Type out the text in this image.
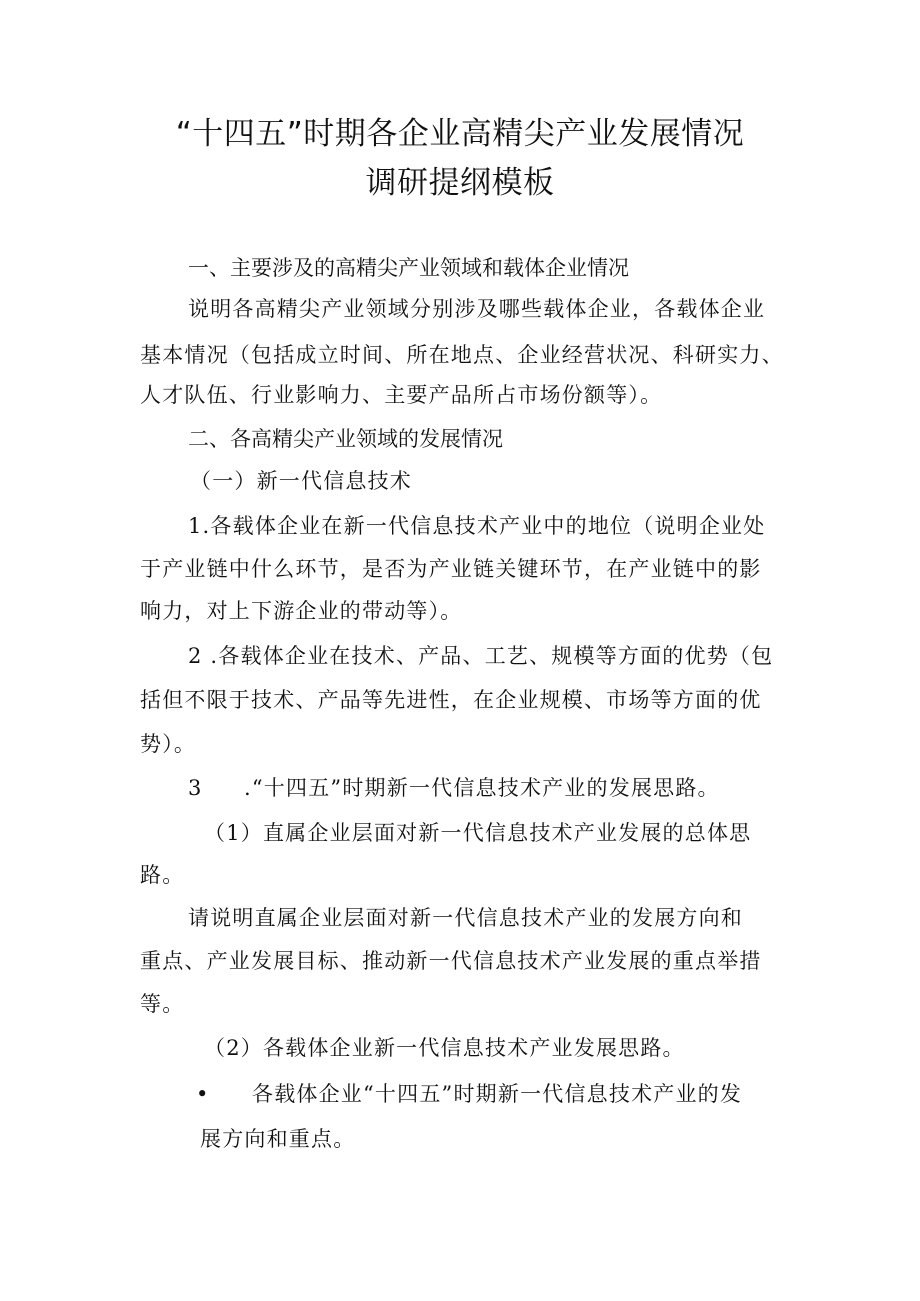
“十四五”时期各企业高精尖产业发展情况
调研提纲模板
一、主要涉及的高精尖产业领域和载体企业情况
说明各高精尖产业领域分别涉及哪些载体企业，各载体企业
基本情况（包括成立时间、所在地点、企业经营状况、科研实力、
人才队伍、行业影响力、主要产品所占市场份额等）。
二、各高精尖产业领域的发展情况
（一）新一代信息技术
1.各载体企业在新一代信息技术产业中的地位（说明企业处
于产业链中什么环节，是否为产业链关键环节，在产业链中的影
响力，对上下游企业的带动等）。
2 .各载体企业在技术、产品、工艺、规模等方面的优势（包
括但不限于技术、产品等先进性，在企业规模、市场等方面的优
势）。
3 .“十四五”时期新一代信息技术产业的发展思路。
（1）直属企业层面对新一代信息技术产业发展的总体思
路。
请说明直属企业层面对新一代信息技术产业的发展方向和
重点、产业发展目标、推动新一代信息技术产业发展的重点举措
等。
（2）各载体企业新一代信息技术产业发展思路。
• 各载体企业“十四五”时期新一代信息技术产业的发
展方向和重点。
